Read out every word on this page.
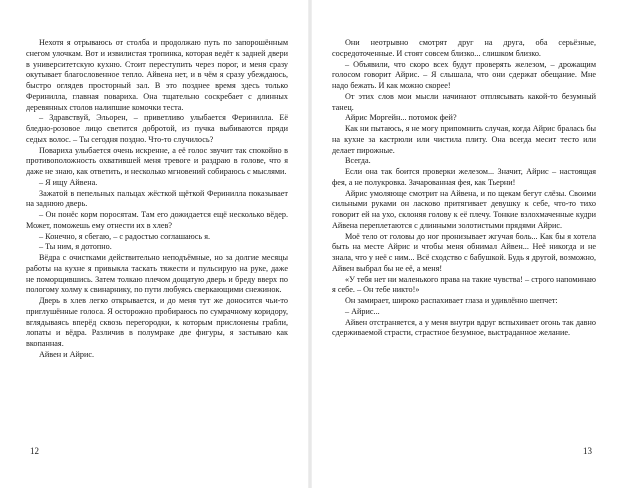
Нехотя я отрываюсь от столба и продолжаю путь по запорошённым снегом улочкам. Вот и извилистая тропинка, которая ведёт к задней двери в университетскую кухню. Стоит переступить через порог, и меня сразу окутывает благословенное тепло. Айвена нет, и в чём я сразу убеждаюсь, быстро оглядев просторный зал. В это позднее время здесь только Феринилла, главная повариха. Она тщательно соскребает с длинных деревянных столов налипшие комочки теста.

– Здравствуй, Эльорен, – приветливо улыбается Феринилла. Её бледно-розовое лицо светится добротой, из пучка выбиваются пряди седых волос. – Ты сегодня поздно. Что-то случилось?

Повариха улыбается очень искренне, а её голос звучит так спокойно в противоположность охватившей меня тревоге и раздраю в голове, что я даже не знаю, как ответить, и несколько мгновений собираюсь с мыслями.

– Я ищу Айвена.

Зажатой в пепельных пальцах жёсткой щёткой Феринилла показывает на заднюю дверь.

– Он понёс корм поросятам. Там его дожидается ещё несколько вёдер. Может, поможешь ему отнести их в хлев?

– Конечно, я сбегаю, – с радостью соглашаюсь я.

– Ты ним, я дотопно.

Вёдра с очистками действительно неподъёмные, но за долгие месяцы работы на кухне я привыкла таскать тяжести и пульсирую на руке, даже не поморщившись. Затем толкаю плечом дощатую дверь и бреду вверх по пологому холму к свинарнику, по пути любуясь сверкающими снежинок.

Дверь в хлев легко открывается, и до меня тут же доносится чьи-то приглушённые голоса. Я осторожно пробираюсь по сумрачному коридору, вглядываясь вперёд сквозь перегородки, к которым прислонены грабли, лопаты и вёдра. Различив в полумраке две фигуры, я застываю как вкопанная.

Айвен и Айрис.

12

Они неотрывно смотрят друг на друга, оба серьёзные, сосредоточенные. И стоят совсем близко... слишком близко.

– Объявили, что скоро всех будут проверять железом, – дрожащим голосом говорит Айрис. – Я слышала, что они сдержат обещание. Мне надо бежать. И как можно скорее!

От этих слов мои мысли начинают отплясывать какой-то безумный танец.

Айрис Моргейн... потомок фей?

Как ни пытаюсь, я не могу припомнить случая, когда Айрис бралась бы на кухне за кастрюли или чистила плиту. Она всегда месит тесто или делает пирожные.

Всегда.

Если она так боится проверки железом... Значит, Айрис – настоящая фея, а не полукровка. Зачарованная фея, как Тьерни!

Айрис умоляюще смотрит на Айвена, и по щекам бегут слёзы. Своими сильными руками он ласково притягивает девушку к себе, что-то тихо говорит ей на ухо, склоняя голову к её плечу. Тонкие взлохмаченные кудри Айвена переплетаются с длинными золотистыми прядями Айрис.

Моё тело от головы до ног пронизывает жгучая боль... Как бы я хотела быть на месте Айрис и чтобы меня обнимал Айвен... Неё никогда и не знала, что у неё с ним... Всё сходство с бабушкой. Будь я другой, возможно, Айвен выбрал бы не её, а меня!

«У тебя нет ни маленького права на такие чувства! – строго напоминаю я себе. – Он тебе никто!»

Он замирает, широко распахивает глаза и удивлённо шепчет:

– Айрис...

Айвен отстраняется, а у меня внутри вдруг вспыхивает огонь так давно сдерживаемой страсти, страстное безумное, выстраданное желание.

13
